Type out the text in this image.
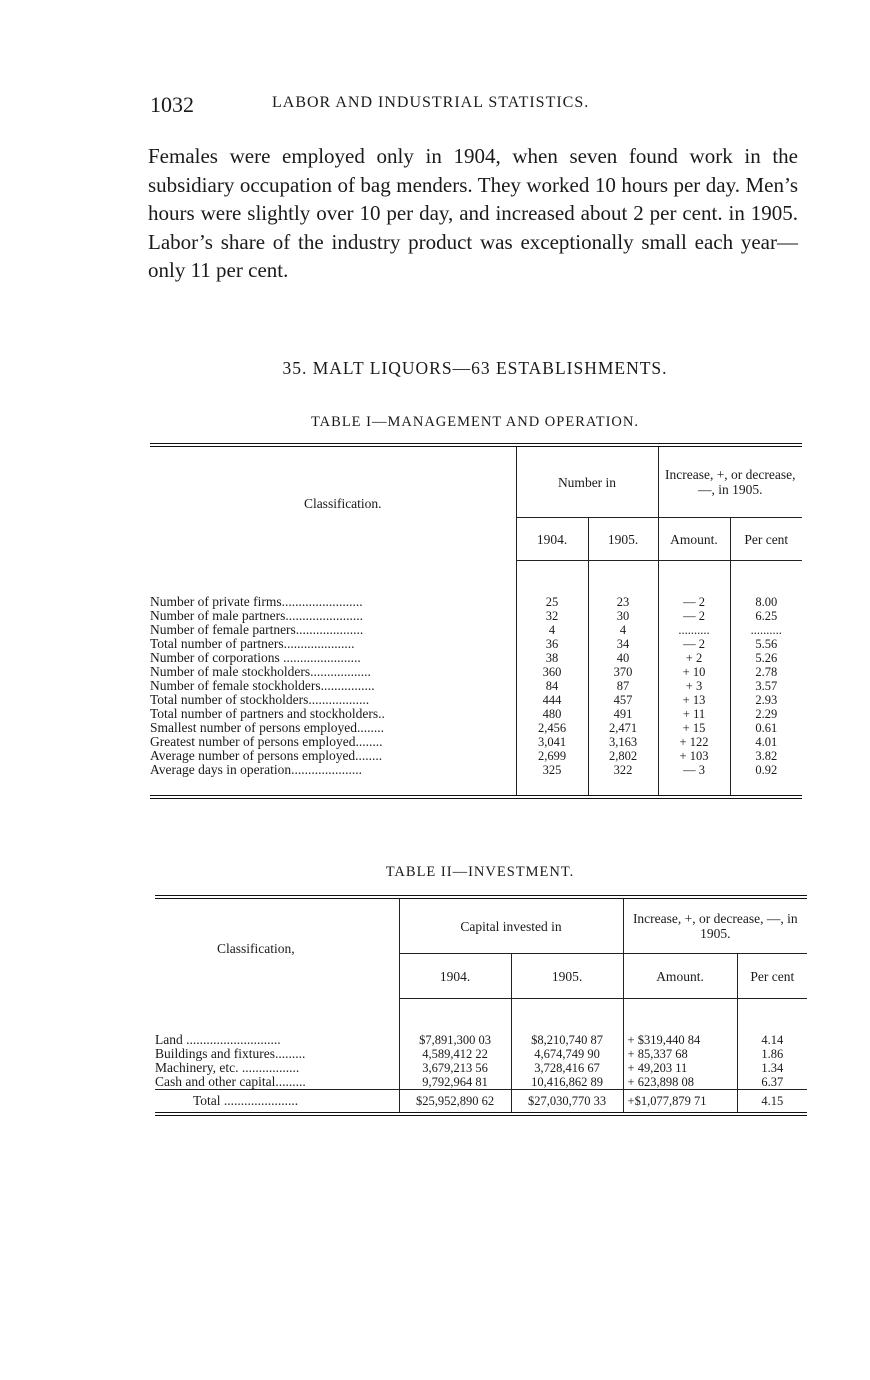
1032	LABOR AND INDUSTRIAL STATISTICS.

Females were employed only in 1904, when seven found work in the subsidiary occupation of bag menders. They worked 10 hours per day. Men’s hours were slightly over 10 per day, and increased about 2 per cent. in 1905. Labor’s share of the industry product was exceptionally small each year—only 11 per cent.

35. MALT LIQUORS—63 ESTABLISHMENTS.
TABLE I—MANAGEMENT AND OPERATION.
Classification.	Number in		Increase, +, or decrease, —, in 1905.	
	1904.	1905.	Amount.	Per cent

Number of private firms........................	25	23	— 2	8.00
Number of male partners.......................	32	30	— 2	6.25
Number of female partners....................	4	4	..........	..........
Total number of partners.....................	36	34	— 2	5.56
Number of corporations .......................	38	40	+ 2	5.26
Number of male stockholders..................	360	370	+ 10	2.78
Number of female stockholders................	84	87	+ 3	3.57
Total number of stockholders..................	444	457	+ 13	2.93
Total number of partners and stockholders..	480	491	+ 11	2.29
Smallest number of persons employed........	2,456	2,471	+ 15	0.61
Greatest number of persons employed........	3,041	3,163	+ 122	4.01
Average number of persons employed........	2,699	2,802	+ 103	3.82
Average days in operation.....................	325	322	— 3	0.92

TABLE II—INVESTMENT.
Classification,	Capital invested in		Increase, +, or decrease, —, in 1905.	
	1904.	1905.	Amount.	Per cent

Land ............................	$7,891,300 03	$8,210,740 87	+ $319,440 84	4.14
Buildings and fixtures.........	4,589,412 22	4,674,749 90	+ 85,337 68	1.86
Machinery, etc. .................	3,679,213 56	3,728,416 67	+ 49,203 11	1.34
Cash and other capital.........	9,792,964 81	10,416,862 89	+ 623,898 08	6.37
Total ......................	$25,952,890 62	$27,030,770 33	+$1,077,879 71	4.15
